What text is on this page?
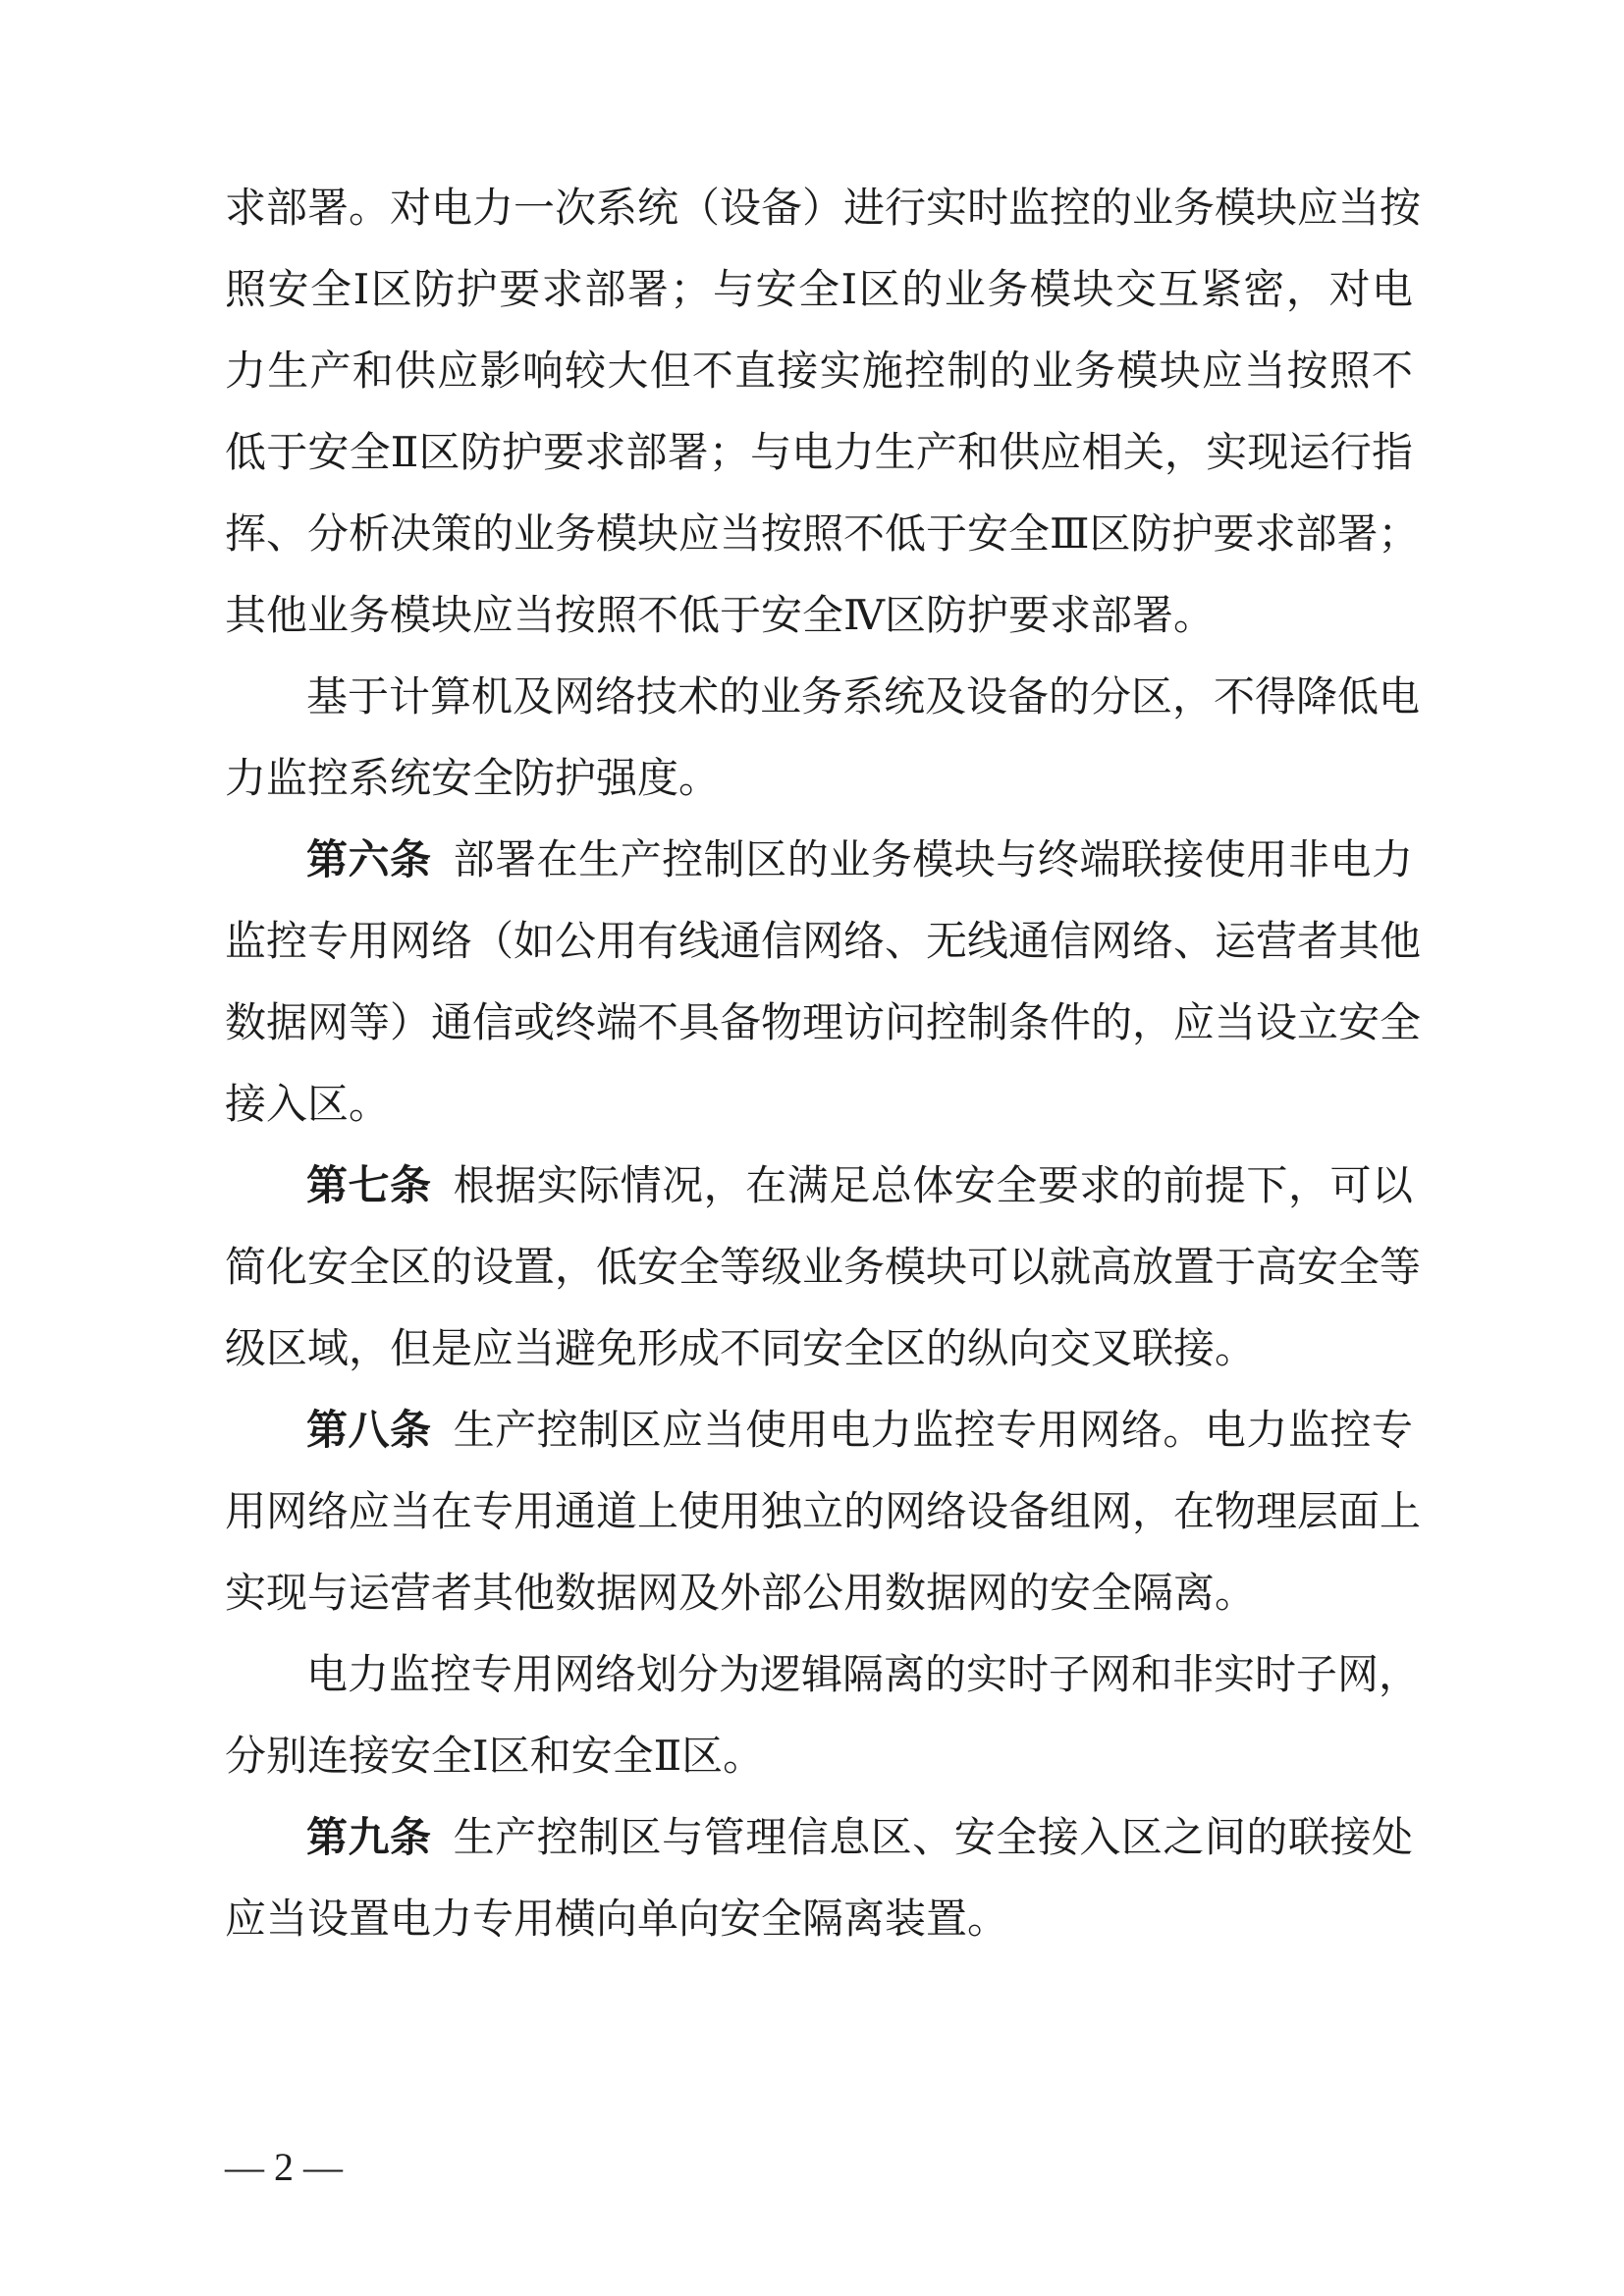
求部署。对电力一次系统（设备）进行实时监控的业务模块应当按
照安全Ⅰ区防护要求部署；与安全Ⅰ区的业务模块交互紧密，对电
力生产和供应影响较大但不直接实施控制的业务模块应当按照不
低于安全Ⅱ区防护要求部署；与电力生产和供应相关，实现运行指
挥、分析决策的业务模块应当按照不低于安全Ⅲ区防护要求部署；
其他业务模块应当按照不低于安全Ⅳ区防护要求部署。
基于计算机及网络技术的业务系统及设备的分区，不得降低电
力监控系统安全防护强度。
第六条 部署在生产控制区的业务模块与终端联接使用非电力
监控专用网络（如公用有线通信网络、无线通信网络、运营者其他
数据网等）通信或终端不具备物理访问控制条件的，应当设立安全
接入区。
第七条 根据实际情况，在满足总体安全要求的前提下，可以
简化安全区的设置，低安全等级业务模块可以就高放置于高安全等
级区域，但是应当避免形成不同安全区的纵向交叉联接。
第八条 生产控制区应当使用电力监控专用网络。电力监控专
用网络应当在专用通道上使用独立的网络设备组网，在物理层面上
实现与运营者其他数据网及外部公用数据网的安全隔离。
电力监控专用网络划分为逻辑隔离的实时子网和非实时子网，
分别连接安全Ⅰ区和安全Ⅱ区。
第九条 生产控制区与管理信息区、安全接入区之间的联接处
应当设置电力专用横向单向安全隔离装置。
— 2 —
